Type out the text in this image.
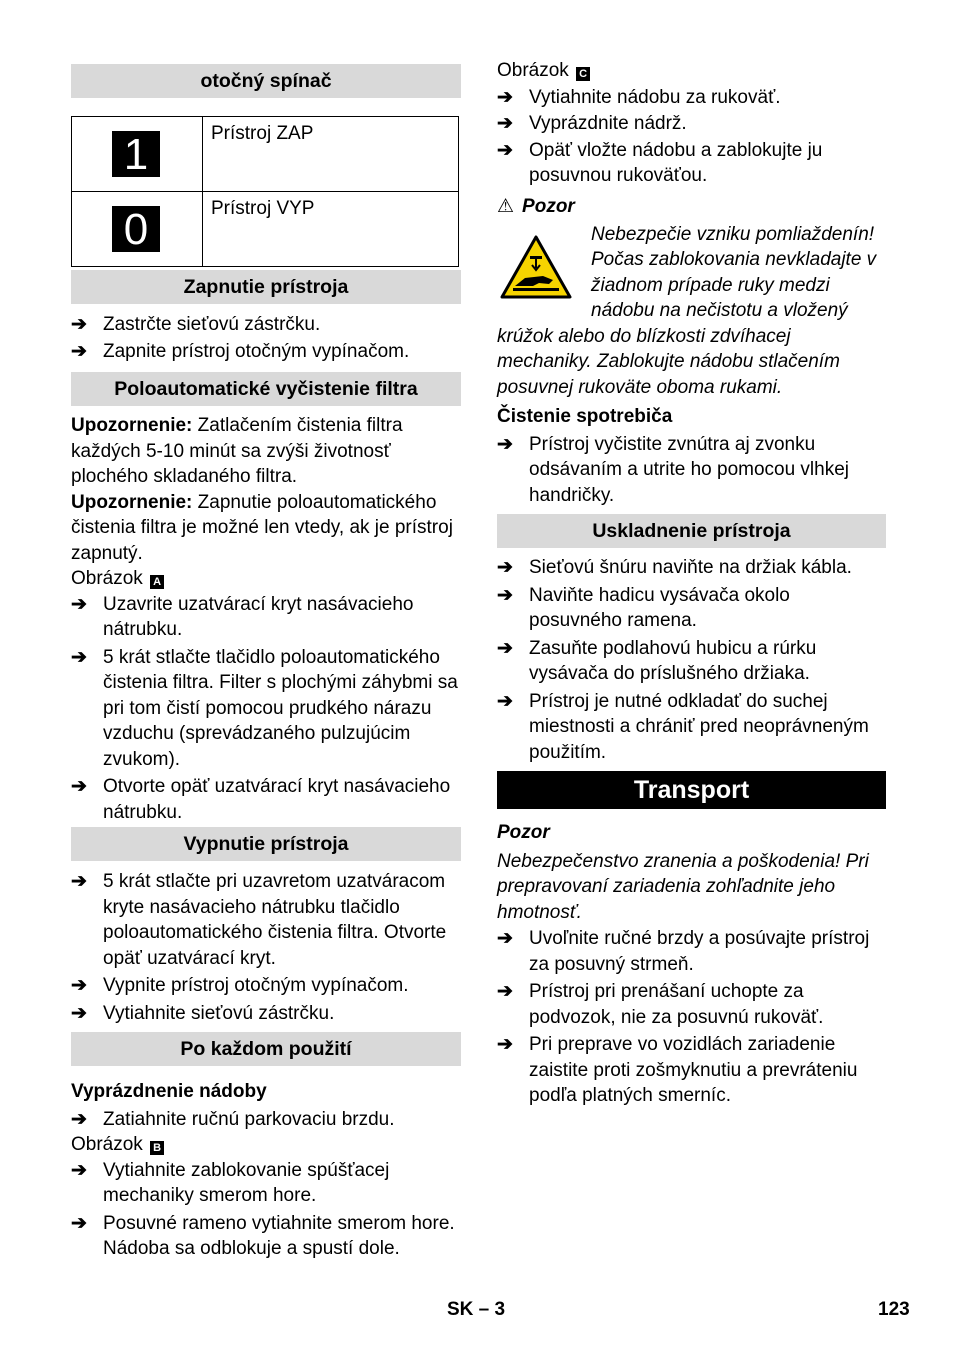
otočný spínač
1	Prístroj ZAP

0	Prístroj VYP
Zapnutie prístroja
➔ Zastrčte sieťovú zástrčku.
➔ Zapnite prístroj otočným vypínačom.
Poloautomatické vyčistenie filtra
Upozornenie: Zatlačením čistenia filtra každých 5-10 minút sa zvýši životnosť plochého skladaného filtra.
Upozornenie: Zapnutie poloautomatického čistenia filtra je možné len vtedy, ak je prístroj zapnutý.
Obrázok A
➔ Uzavrite uzatvárací kryt nasávacieho nátrubku.
➔ 5 krát stlačte tlačidlo poloautomatického čistenia filtra. Filter s plochými záhybmi sa pri tom čistí pomocou prudkého nárazu vzduchu (sprevádzaného pulzujúcim zvukom).
➔ Otvorte opäť uzatvárací kryt nasávacieho nátrubku.
Vypnutie prístroja
➔ 5 krát stlačte pri uzavretom uzatváracom kryte nasávacieho nátrubku tlačidlo poloautomatického čistenia filtra. Otvorte opäť uzatvárací kryt.
➔ Vypnite prístroj otočným vypínačom.
➔ Vytiahnite sieťovú zástrčku.
Po každom použití
Vyprázdnenie nádoby
➔ Zatiahnite ručnú parkovaciu brzdu.
Obrázok B
➔ Vytiahnite zablokovanie spúšťacej mechaniky smerom hore.
➔ Posuvné rameno vytiahnite smerom hore. Nádoba sa odblokuje a spustí dole.
Obrázok C
➔ Vytiahnite nádobu za rukoväť.
➔ Vyprázdnite nádrž.
➔ Opäť vložte nádobu a zablokujte ju posuvnou rukoväťou.
⚠ Pozor
Nebezpečie vzniku pomliaždenín! Počas zablokovania nevkladajte v žiadnom prípade ruky medzi nádobu na nečistotu a vložený krúžok alebo do blízkosti zdvíhacej mechaniky. Zablokujte nádobu stlačením posuvnej rukoväte oboma rukami.
Čistenie spotrebiča
➔ Prístroj vyčistite zvnútra aj zvonku odsávaním a utrite ho pomocou vlhkej handričky.
Uskladnenie prístroja
➔ Sieťovú šnúru naviňte na držiak kábla.
➔ Naviňte hadicu vysávača okolo posuvného ramena.
➔ Zasuňte podlahovú hubicu a rúrku vysávača do príslušného držiaka.
➔ Prístroj je nutné odkladať do suchej miestnosti a chrániť pred neoprávneným použitím.
Transport
Pozor
Nebezpečenstvo zranenia a poškodenia! Pri prepravovaní zariadenia zohľadnite jeho hmotnosť.
➔ Uvoľnite ručné brzdy a posúvajte prístroj za posuvný strmeň.
➔ Prístroj pri prenášaní uchopte za podvozok, nie za posuvnú rukoväť.
➔ Pri preprave vo vozidlách zariadenie zaistite proti zošmyknutiu a prevráteniu podľa platných smerníc.
SK – 3	123
